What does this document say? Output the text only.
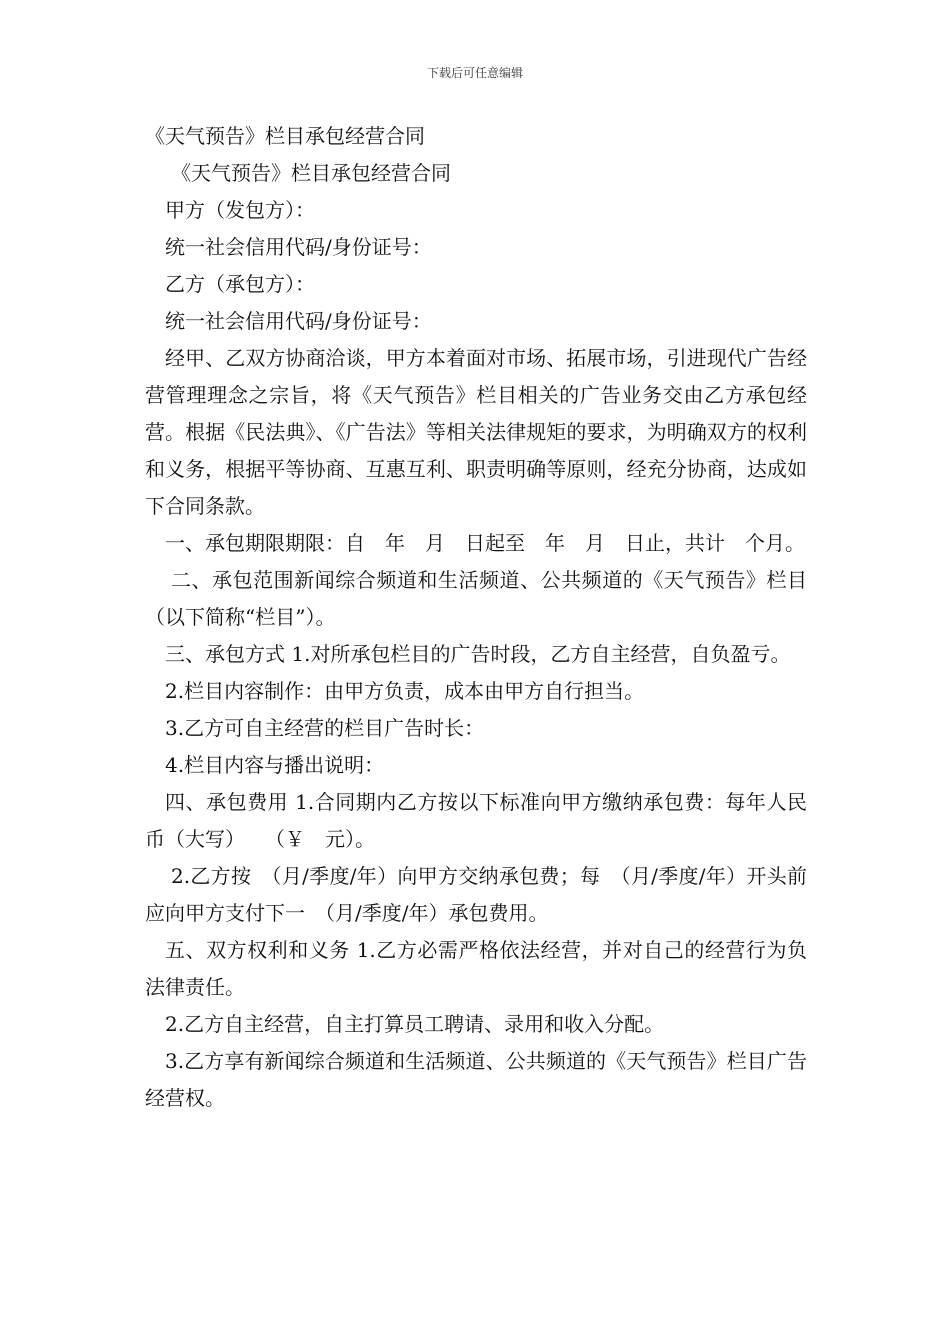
下载后可任意编辑

《天气预告》栏目承包经营合同

《天气预告》栏目承包经营合同

甲方（发包方）：

统一社会信用代码/身份证号：

乙方（承包方）：

统一社会信用代码/身份证号：

经甲、乙双方协商洽谈，甲方本着面对市场、拓展市场，引进现代广告经营管理理念之宗旨，将《天气预告》栏目相关的广告业务交由乙方承包经营。根据《民法典》、《广告法》等相关法律规矩的要求，为明确双方的权利和义务，根据平等协商、互惠互利、职责明确等原则，经充分协商，达成如下合同条款。

一、承包期限期限：自　年　月　日起至　年　月　日止，共计　个月。

二、承包范围新闻综合频道和生活频道、公共频道的《天气预告》栏目（以下简称“栏目”）。

三、承包方式 1.对所承包栏目的广告时段，乙方自主经营，自负盈亏。

2.栏目内容制作：由甲方负责，成本由甲方自行担当。

3.乙方可自主经营的栏目广告时长：

4.栏目内容与播出说明：

四、承包费用 1.合同期内乙方按以下标准向甲方缴纳承包费：每年人民币（大写）　　（￥　元）。

2.乙方按　（月/季度/年）向甲方交纳承包费；每　（月/季度/年）开头前应向甲方支付下一　（月/季度/年）承包费用。

五、双方权利和义务 1.乙方必需严格依法经营，并对自己的经营行为负法律责任。

2.乙方自主经营，自主打算员工聘请、录用和收入分配。

3.乙方享有新闻综合频道和生活频道、公共频道的《天气预告》栏目广告经营权。
